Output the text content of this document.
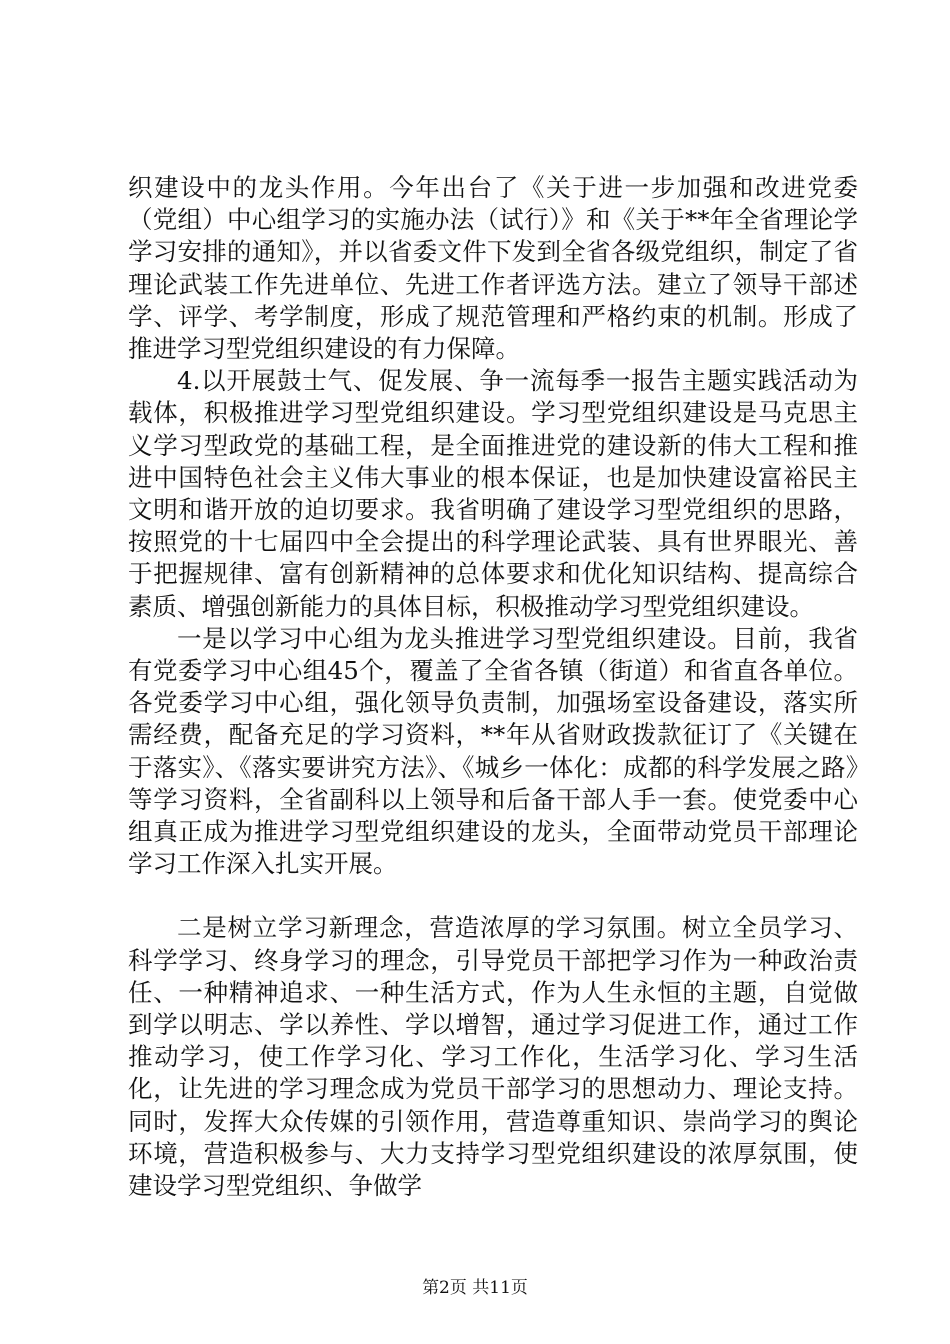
织建设中的龙头作用。今年出台了《关于进一步加强和改进党委（党组）中心组学习的实施办法（试行）》和《关于**年全省理论学学习安排的通知》，并以省委文件下发到全省各级党组织，制定了省理论武装工作先进单位、先进工作者评选方法。建立了领导干部述学、评学、考学制度，形成了规范管理和严格约束的机制。形成了推进学习型党组织建设的有力保障。

4.以开展鼓士气、促发展、争一流每季一报告主题实践活动为载体，积极推进学习型党组织建设。学习型党组织建设是马克思主义学习型政党的基础工程，是全面推进党的建设新的伟大工程和推进中国特色社会主义伟大事业的根本保证，也是加快建设富裕民主文明和谐开放的迫切要求。我省明确了建设学习型党组织的思路，按照党的十七届四中全会提出的科学理论武装、具有世界眼光、善于把握规律、富有创新精神的总体要求和优化知识结构、提高综合素质、增强创新能力的具体目标，积极推动学习型党组织建设。

一是以学习中心组为龙头推进学习型党组织建设。目前，我省有党委学习中心组45个，覆盖了全省各镇（街道）和省直各单位。各党委学习中心组，强化领导负责制，加强场室设备建设，落实所需经费，配备充足的学习资料，**年从省财政拨款征订了《关键在于落实》、《落实要讲究方法》、《城乡一体化：成都的科学发展之路》等学习资料，全省副科以上领导和后备干部人手一套。使党委中心组真正成为推进学习型党组织建设的龙头，全面带动党员干部理论学习工作深入扎实开展。

二是树立学习新理念，营造浓厚的学习氛围。树立全员学习、科学学习、终身学习的理念，引导党员干部把学习作为一种政治责任、一种精神追求、一种生活方式，作为人生永恒的主题，自觉做到学以明志、学以养性、学以增智，通过学习促进工作，通过工作推动学习，使工作学习化、学习工作化，生活学习化、学习生活化，让先进的学习理念成为党员干部学习的思想动力、理论支持。同时，发挥大众传媒的引领作用，营造尊重知识、崇尚学习的舆论环境，营造积极参与、大力支持学习型党组织建设的浓厚氛围，使建设学习型党组织、争做学

第2页 共11页
